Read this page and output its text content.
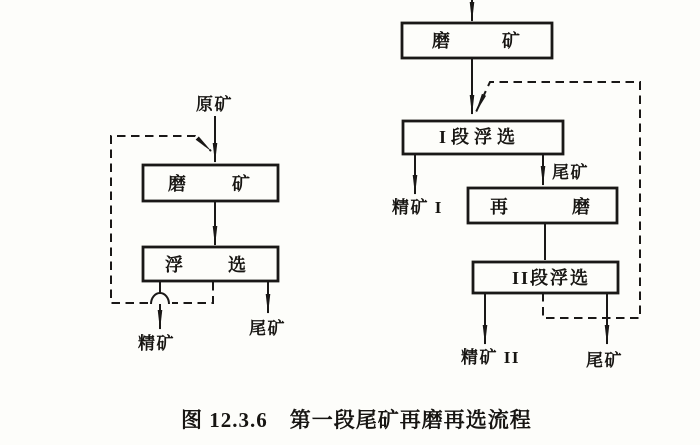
原矿
磨矿
浮选
精矿
尾矿
磨矿
I段浮选
精矿 I
尾矿
再磨
II段浮选
精矿 II	尾矿
图 12.3.6　第一段尾矿再磨再选流程
